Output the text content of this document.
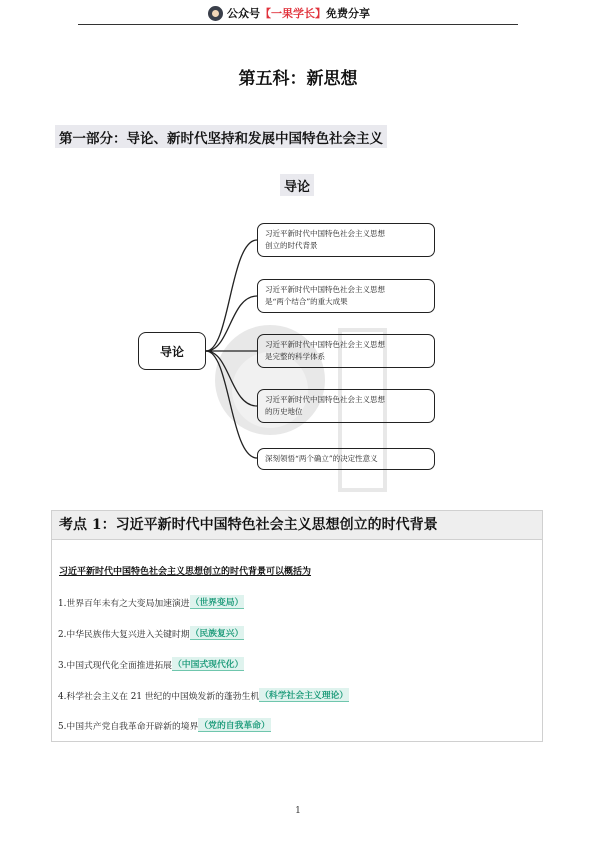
公众号【一果学长】免费分享
第五科：新思想
第一部分：导论、新时代坚持和发展中国特色社会主义
导论
导论
习近平新时代中国特色社会主义思想
创立的时代背景
习近平新时代中国特色社会主义思想
是“两个结合”的重大成果
习近平新时代中国特色社会主义思想
是完整的科学体系
习近平新时代中国特色社会主义思想
的历史地位
深刻领悟“两个确立”的决定性意义
考点 1：习近平新时代中国特色社会主义思想创立的时代背景
习近平新时代中国特色社会主义思想创立的时代背景可以概括为
1.世界百年未有之大变局加速演进 （世界变局）
2.中华民族伟大复兴进入关键时期 （民族复兴）
3.中国式现代化全面推进拓展 （中国式现代化）
4.科学社会主义在 21 世纪的中国焕发新的蓬勃生机 （科学社会主义理论）
5.中国共产党自我革命开辟新的境界 （党的自我革命）
1
